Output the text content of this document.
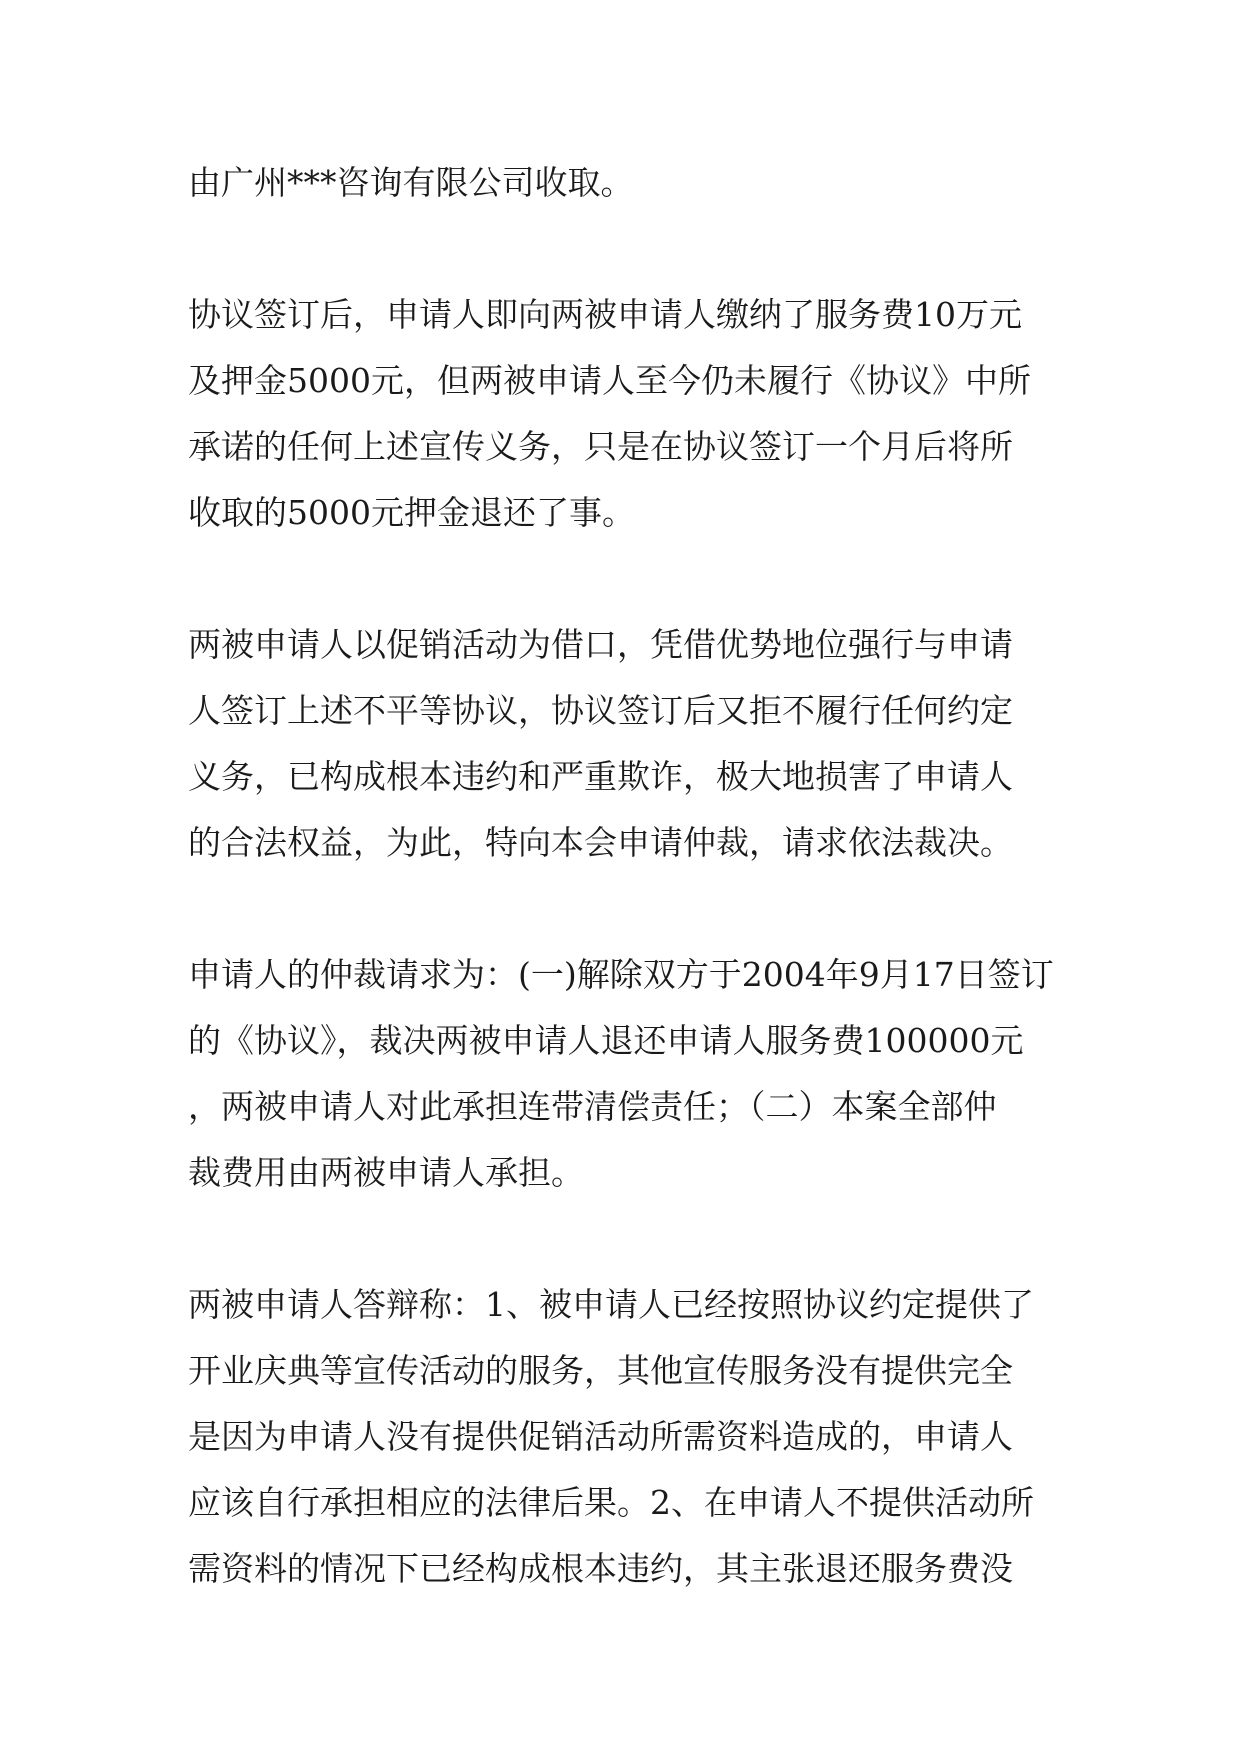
由广州***咨询有限公司收取。

协议签订后，申请人即向两被申请人缴纳了服务费10万元
及押金5000元，但两被申请人至今仍未履行《协议》中所
承诺的任何上述宣传义务，只是在协议签订一个月后将所
收取的5000元押金退还了事。

两被申请人以促销活动为借口，凭借优势地位强行与申请
人签订上述不平等协议，协议签订后又拒不履行任何约定
义务，已构成根本违约和严重欺诈，极大地损害了申请人
的合法权益，为此，特向本会申请仲裁，请求依法裁决。

申请人的仲裁请求为：(一)解除双方于2004年9月17日签订
的《协议》，裁决两被申请人退还申请人服务费100000元
，两被申请人对此承担连带清偿责任；（二）本案全部仲
裁费用由两被申请人承担。

两被申请人答辩称：1、被申请人已经按照协议约定提供了
开业庆典等宣传活动的服务，其他宣传服务没有提供完全
是因为申请人没有提供促销活动所需资料造成的，申请人
应该自行承担相应的法律后果。2、在申请人不提供活动所
需资料的情况下已经构成根本违约，其主张退还服务费没
